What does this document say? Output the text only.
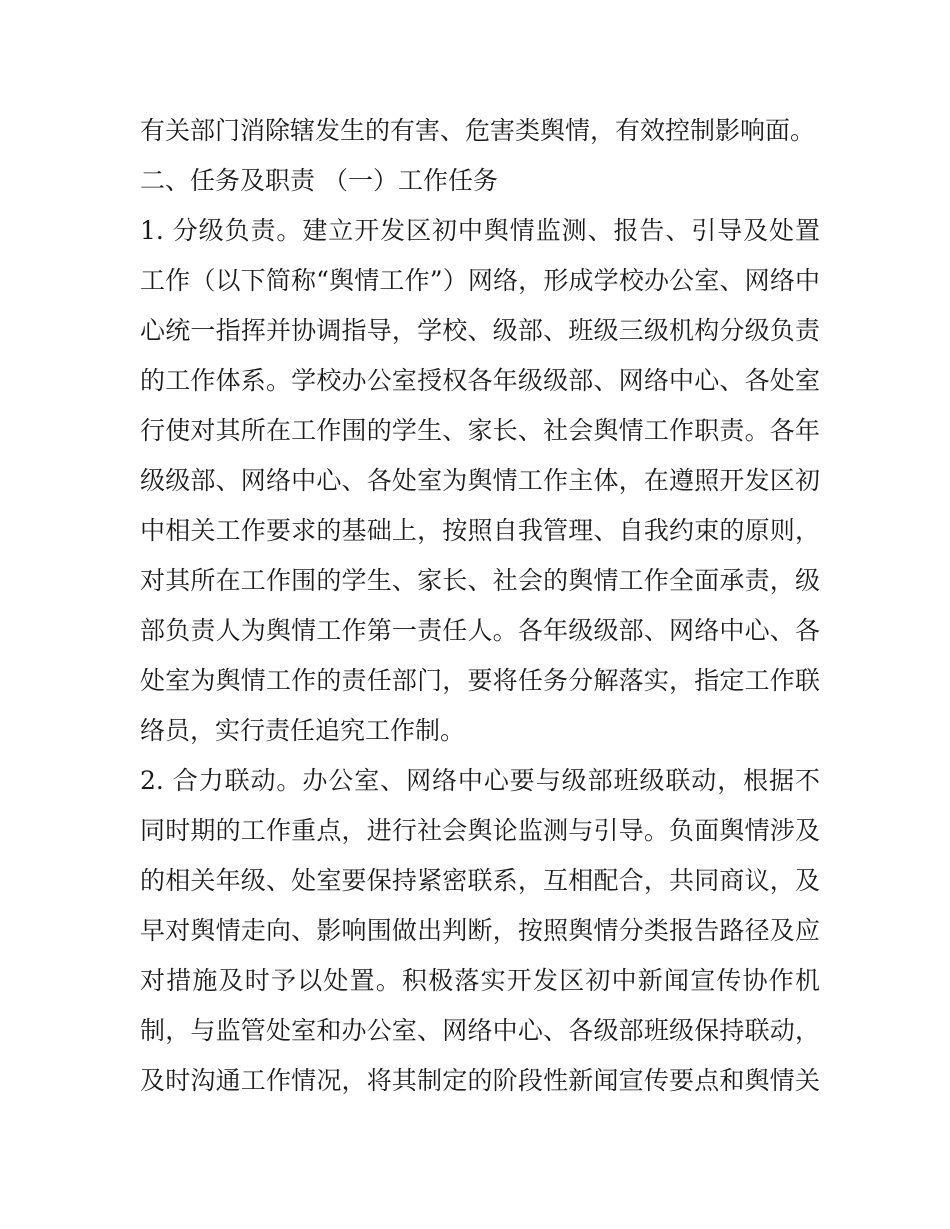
有关部门消除辖发生的有害、危害类舆情，有效控制影响面。
二、任务及职责 （一）工作任务
1. 分级负责。建立开发区初中舆情监测、报告、引导及处置
工作（以下简称“舆情工作”）网络，形成学校办公室、网络中
心统一指挥并协调指导，学校、级部、班级三级机构分级负责
的工作体系。学校办公室授权各年级级部、网络中心、各处室
行使对其所在工作围的学生、家长、社会舆情工作职责。各年
级级部、网络中心、各处室为舆情工作主体，在遵照开发区初
中相关工作要求的基础上，按照自我管理、自我约束的原则，
对其所在工作围的学生、家长、社会的舆情工作全面承责，级
部负责人为舆情工作第一责任人。各年级级部、网络中心、各
处室为舆情工作的责任部门，要将任务分解落实，指定工作联
络员，实行责任追究工作制。
2. 合力联动。办公室、网络中心要与级部班级联动，根据不
同时期的工作重点，进行社会舆论监测与引导。负面舆情涉及
的相关年级、处室要保持紧密联系，互相配合，共同商议，及
早对舆情走向、影响围做出判断，按照舆情分类报告路径及应
对措施及时予以处置。积极落实开发区初中新闻宣传协作机
制，与监管处室和办公室、网络中心、各级部班级保持联动，
及时沟通工作情况，将其制定的阶段性新闻宣传要点和舆情关
